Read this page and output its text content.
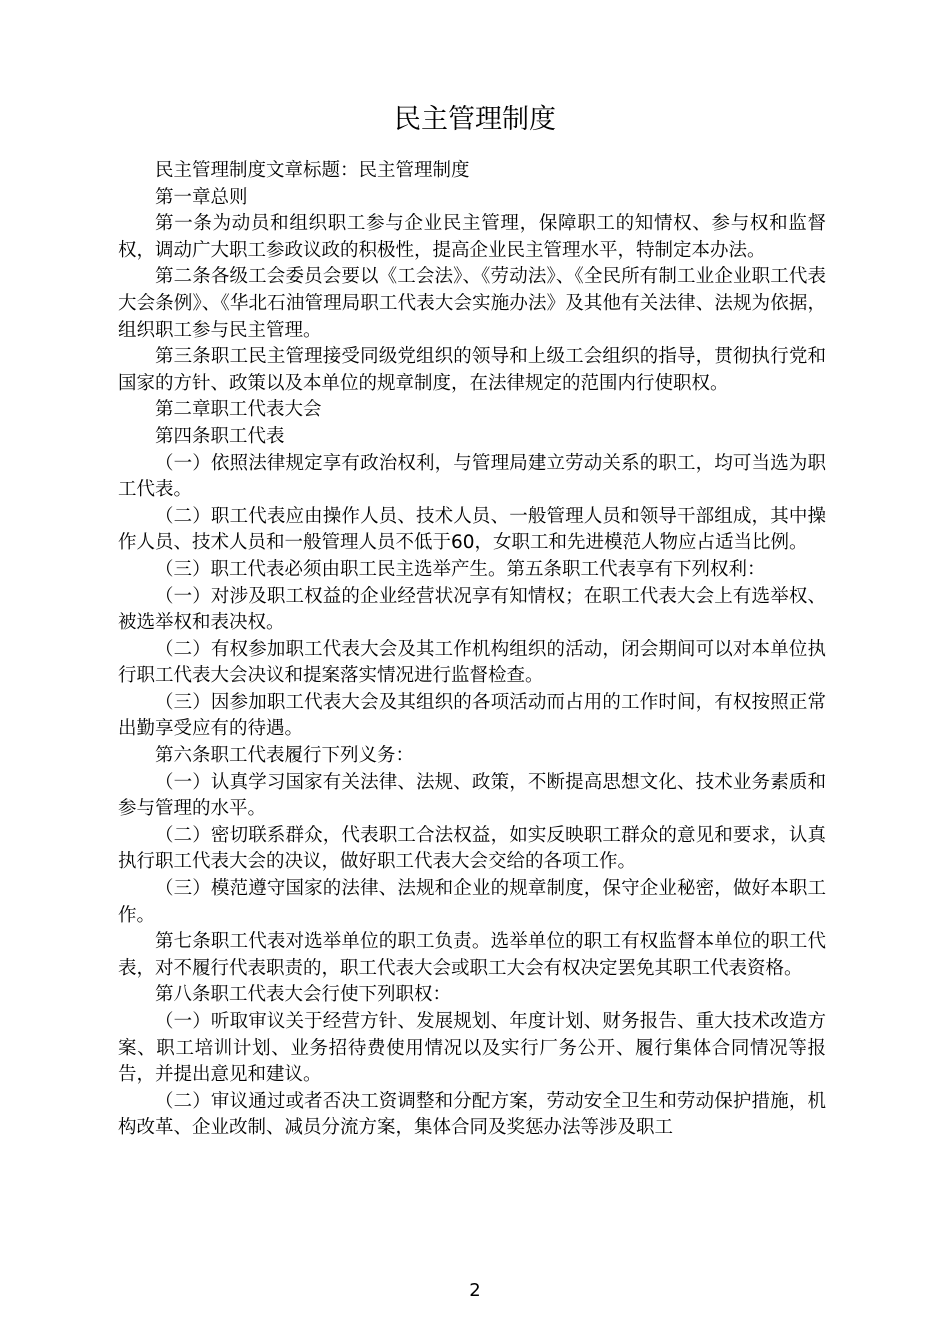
民主管理制度

民主管理制度文章标题：民主管理制度

第一章总则

第一条为动员和组织职工参与企业民主管理，保障职工的知情权、参与权和监督权，调动广大职工参政议政的积极性，提高企业民主管理水平，特制定本办法。

第二条各级工会委员会要以《工会法》、《劳动法》、《全民所有制工业企业职工代表大会条例》、《华北石油管理局职工代表大会实施办法》及其他有关法律、法规为依据，组织职工参与民主管理。

第三条职工民主管理接受同级党组织的领导和上级工会组织的指导，贯彻执行党和国家的方针、政策以及本单位的规章制度，在法律规定的范围内行使职权。

第二章职工代表大会

第四条职工代表

（一）依照法律规定享有政治权利，与管理局建立劳动关系的职工，均可当选为职工代表。

（二）职工代表应由操作人员、技术人员、一般管理人员和领导干部组成，其中操作人员、技术人员和一般管理人员不低于60，女职工和先进模范人物应占适当比例。

（三）职工代表必须由职工民主选举产生。第五条职工代表享有下列权利：

（一）对涉及职工权益的企业经营状况享有知情权；在职工代表大会上有选举权、被选举权和表决权。

（二）有权参加职工代表大会及其工作机构组织的活动，闭会期间可以对本单位执行职工代表大会决议和提案落实情况进行监督检查。

（三）因参加职工代表大会及其组织的各项活动而占用的工作时间，有权按照正常出勤享受应有的待遇。

第六条职工代表履行下列义务：

（一）认真学习国家有关法律、法规、政策，不断提高思想文化、技术业务素质和参与管理的水平。

（二）密切联系群众，代表职工合法权益，如实反映职工群众的意见和要求，认真执行职工代表大会的决议，做好职工代表大会交给的各项工作。

（三）模范遵守国家的法律、法规和企业的规章制度，保守企业秘密，做好本职工作。

第七条职工代表对选举单位的职工负责。选举单位的职工有权监督本单位的职工代表，对不履行代表职责的，职工代表大会或职工大会有权决定罢免其职工代表资格。

第八条职工代表大会行使下列职权：

（一）听取审议关于经营方针、发展规划、年度计划、财务报告、重大技术改造方案、职工培训计划、业务招待费使用情况以及实行厂务公开、履行集体合同情况等报告，并提出意见和建议。

（二）审议通过或者否决工资调整和分配方案，劳动安全卫生和劳动保护措施，机构改革、企业改制、减员分流方案，集体合同及奖惩办法等涉及职工

2
